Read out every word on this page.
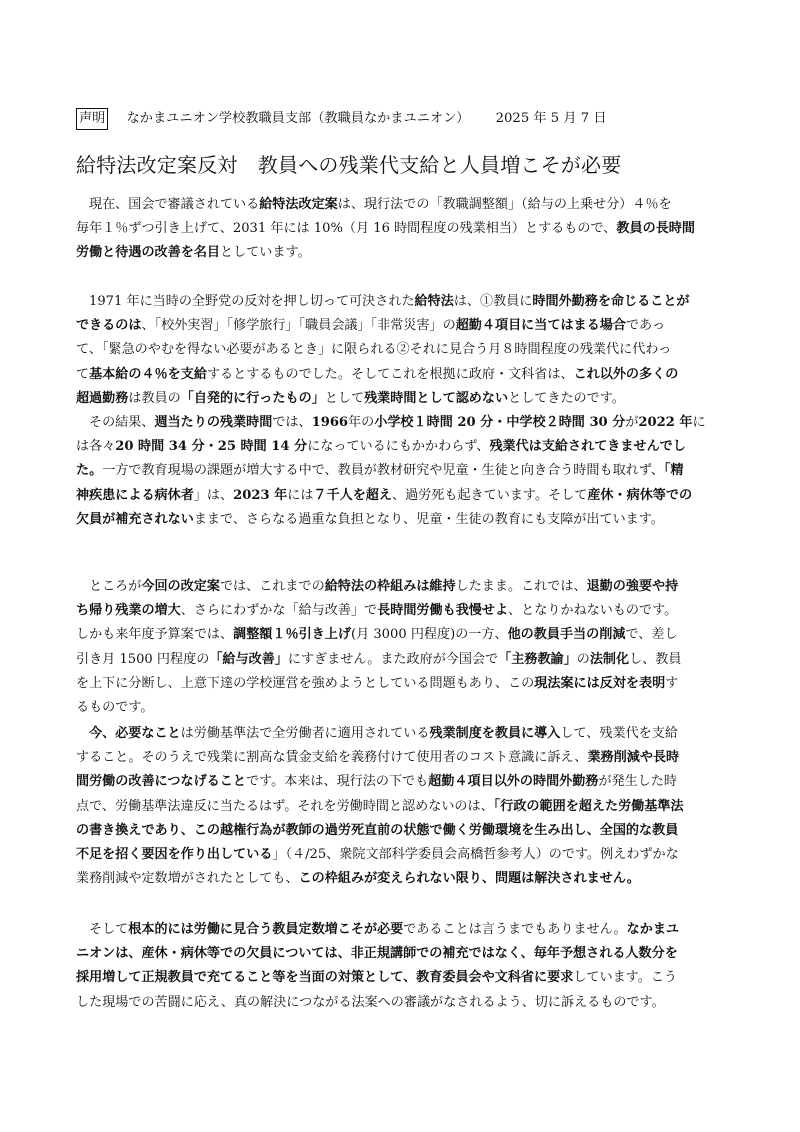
声明 なかまユニオン学校教職員支部（教職員なかまユニオン） 2025 年 5 月 7 日
給特法改定案反対　教員への残業代支給と人員増こそが必要
現在、国会で審議されている給特法改定案は、現行法での「教職調整額」（給与の上乗せ分）４％を
毎年１％ずつ引き上げて、2031 年には 10%（月 16 時間程度の残業相当）とするもので、教員の長時間
労働と待遇の改善を名目としています。
1971 年に当時の全野党の反対を押し切って可決された給特法は、①教員に時間外勤務を命じることが
できるのは、「校外実習」「修学旅行」「職員会議」「非常災害」の超勤４項目に当てはまる場合であっ
て、「緊急のやむを得ない必要があるとき」に限られる②それに見合う月８時間程度の残業代に代わっ
て基本給の４％を支給するとするものでした。そしてこれを根拠に政府・文科省は、これ以外の多くの
超過勤務は教員の「自発的に行ったもの」として残業時間として認めないとしてきたのです。
その結果、週当たりの残業時間では、1966年の小学校１時間 20 分・中学校２時間 30 分が2022 年に
は各々20 時間 34 分・25 時間 14 分になっているにもかかわらず、残業代は支給されてきませんでし
た。一方で教育現場の課題が増大する中で、教員が教材研究や児童・生徒と向き合う時間も取れず、「精
神疾患による病休者」は、2023 年には７千人を超え、過労死も起きています。そして産休・病休等での
欠員が補充されないままで、さらなる過重な負担となり、児童・生徒の教育にも支障が出ています。
ところが今回の改定案では、これまでの給特法の枠組みは維持したまま。これでは、退勤の強要や持
ち帰り残業の増大、さらにわずかな「給与改善」で長時間労働も我慢せよ、となりかねないものです。
しかも来年度予算案では、調整額１％引き上げ(月 3000 円程度)の一方、他の教員手当の削減で、差し
引き月 1500 円程度の「給与改善」にすぎません。また政府が今国会で「主務教諭」の法制化し、教員
を上下に分断し、上意下達の学校運営を強めようとしている問題もあり、この現法案には反対を表明す
るものです。
今、必要なことは労働基準法で全労働者に適用されている残業制度を教員に導入して、残業代を支給
すること。そのうえで残業に割高な賃金支給を義務付けて使用者のコスト意識に訴え、業務削減や長時
間労働の改善につなげることです。本来は、現行法の下でも超勤４項目以外の時間外勤務が発生した時
点で、労働基準法違反に当たるはず。それを労働時間と認めないのは、「行政の範囲を超えた労働基準法
の書き換えであり、この越権行為が教師の過労死直前の状態で働く労働環境を生み出し、全国的な教員
不足を招く要因を作り出している」（４/25、衆院文部科学委員会高橋哲参考人）のです。例えわずかな
業務削減や定数増がされたとしても、この枠組みが変えられない限り、問題は解決されません。
そして根本的には労働に見合う教員定数増こそが必要であることは言うまでもありません。なかまユ
ニオンは、産休・病休等での欠員については、非正規講師での補充ではなく、毎年予想される人数分を
採用増して正規教員で充てること等を当面の対策として、教育委員会や文科省に要求しています。こう
した現場での苦闘に応え、真の解決につながる法案への審議がなされるよう、切に訴えるものです。
